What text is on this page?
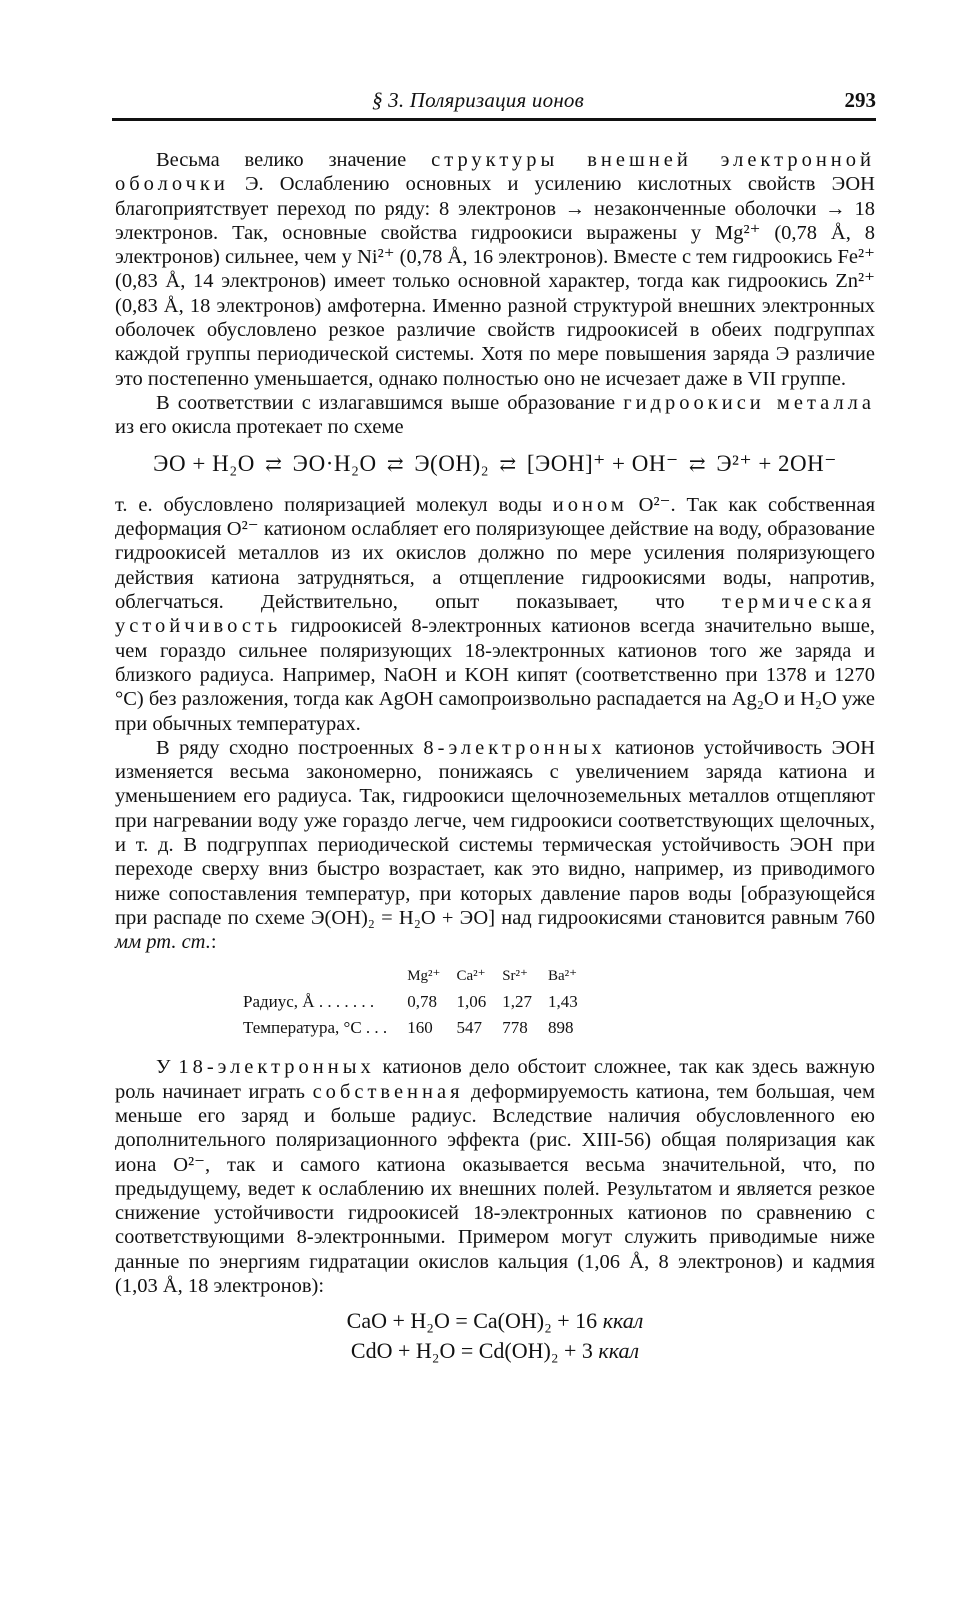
§ 3. Поляризация ионов	293

Весьма велико значение структуры внешней электронной оболочки Э. Ослаблению основных и усилению кислотных свойств ЭОН благоприятствует переход по ряду: 8 электронов → незаконченные оболочки → 18 электронов. Так, основные свойства гидроокиси выражены у Mg²⁺ (0,78 Å, 8 электронов) сильнее, чем у Ni²⁺ (0,78 Å, 16 электронов). Вместе с тем гидроокись Fe²⁺ (0,83 Å, 14 электронов) имеет только основной характер, тогда как гидроокись Zn²⁺ (0,83 Å, 18 электронов) амфотерна. Именно разной структурой внешних электронных оболочек обусловлено резкое различие свойств гидроокисей в обеих подгруппах каждой группы периодической системы. Хотя по мере повышения заряда Э различие это постепенно уменьшается, однако полностью оно не исчезает даже в VII группе.

В соответствии с излагавшимся выше образование гидроокиси металла из его окисла протекает по схеме

ЭО + H₂O ⇄ ЭО·H₂O ⇄ Э(OH)₂ ⇄ [ЭOH]⁺ + OH⁻ ⇄ Э²⁺ + 2OH⁻

т. е. обусловлено поляризацией молекул воды ионом O²⁻. Так как собственная деформация O²⁻ катионом ослабляет его поляризующее действие на воду, образование гидроокисей металлов из их окислов должно по мере усиления поляризующего действия катиона затрудняться, а отщепление гидроокисями воды, напротив, облегчаться. Действительно, опыт показывает, что термическая устойчивость гидроокисей 8-электронных катионов всегда значительно выше, чем гораздо сильнее поляризующих 18-электронных катионов того же заряда и близкого радиуса. Например, NaOH и KOH кипят (соответственно при 1378 и 1270 °C) без разложения, тогда как AgOH самопроизвольно распадается на Ag₂O и H₂O уже при обычных температурах.

В ряду сходно построенных 8-электронных катионов устойчивость ЭОН изменяется весьма закономерно, понижаясь с увеличением заряда катиона и уменьшением его радиуса. Так, гидроокиси щелочноземельных металлов отщепляют при нагревании воду уже гораздо легче, чем гидроокиси соответствующих щелочных, и т. д. В подгруппах периодической системы термическая устойчивость ЭОН при переходе сверху вниз быстро возрастает, как это видно, например, из приводимого ниже сопоставления температур, при которых давление паров воды [образующейся при распаде по схеме Э(OH)₂ = H₂O + ЭО] над гидроокисями становится равным 760 мм рт. ст.:

	Mg²⁺	Ca²⁺	Sr²⁺	Ba²⁺
Радиус, Å . . . . . . .	0,78	1,06	1,27	1,43
Температура, °C . . .	160	547	778	898

У 18-электронных катионов дело обстоит сложнее, так как здесь важную роль начинает играть собственная деформируемость катиона, тем большая, чем меньше его заряд и больше радиус. Вследствие наличия обусловленного ею дополнительного поляризационного эффекта (рис. XIII-56) общая поляризация как иона O²⁻, так и самого катиона оказывается весьма значительной, что, по предыдущему, ведет к ослаблению их внешних полей. Результатом и является резкое снижение устойчивости гидроокисей 18-электронных катионов по сравнению с соответствующими 8-электронными. Примером могут служить приводимые ниже данные по энергиям гидратации окислов кальция (1,06 Å, 8 электронов) и кадмия (1,03 Å, 18 электронов):

CaO + H₂O = Ca(OH)₂ + 16 ккал
CdO + H₂O = Cd(OH)₂ + 3 ккал
